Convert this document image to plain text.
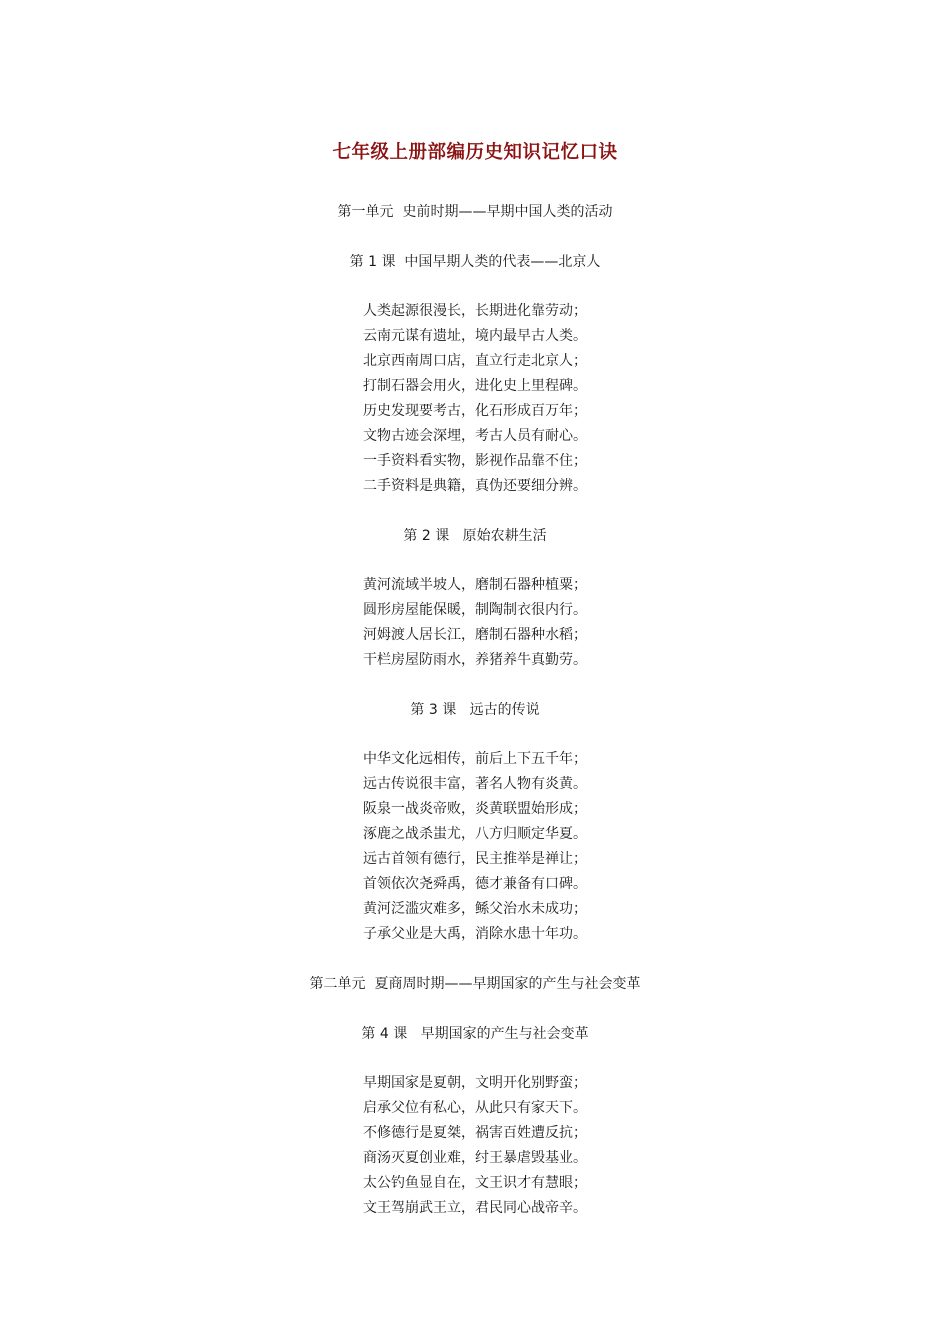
七年级上册部编历史知识记忆口诀
第一单元  史前时期——早期中国人类的活动
第 1 课  中国早期人类的代表——北京人
人类起源很漫长，长期进化靠劳动；
云南元谋有遗址，境内最早古人类。
北京西南周口店，直立行走北京人；
打制石器会用火，进化史上里程碑。
历史发现要考古，化石形成百万年；
文物古迹会深埋，考古人员有耐心。
一手资料看实物，影视作品靠不住；
二手资料是典籍，真伪还要细分辨。
第 2 课   原始农耕生活
黄河流域半坡人，磨制石器种植粟；
圆形房屋能保暖，制陶制衣很内行。
河姆渡人居长江，磨制石器种水稻；
干栏房屋防雨水，养猪养牛真勤劳。
第 3 课   远古的传说
中华文化远相传，前后上下五千年；
远古传说很丰富，著名人物有炎黄。
阪泉一战炎帝败，炎黄联盟始形成；
涿鹿之战杀蚩尤，八方归顺定华夏。
远古首领有德行，民主推举是禅让；
首领依次尧舜禹，德才兼备有口碑。
黄河泛滥灾难多，鲧父治水未成功；
子承父业是大禹，消除水患十年功。
第二单元  夏商周时期——早期国家的产生与社会变革
第 4 课   早期国家的产生与社会变革
早期国家是夏朝，文明开化别野蛮；
启承父位有私心，从此只有家天下。
不修德行是夏桀，祸害百姓遭反抗；
商汤灭夏创业难，纣王暴虐毁基业。
太公钓鱼显自在，文王识才有慧眼；
文王驾崩武王立，君民同心战帝辛。
